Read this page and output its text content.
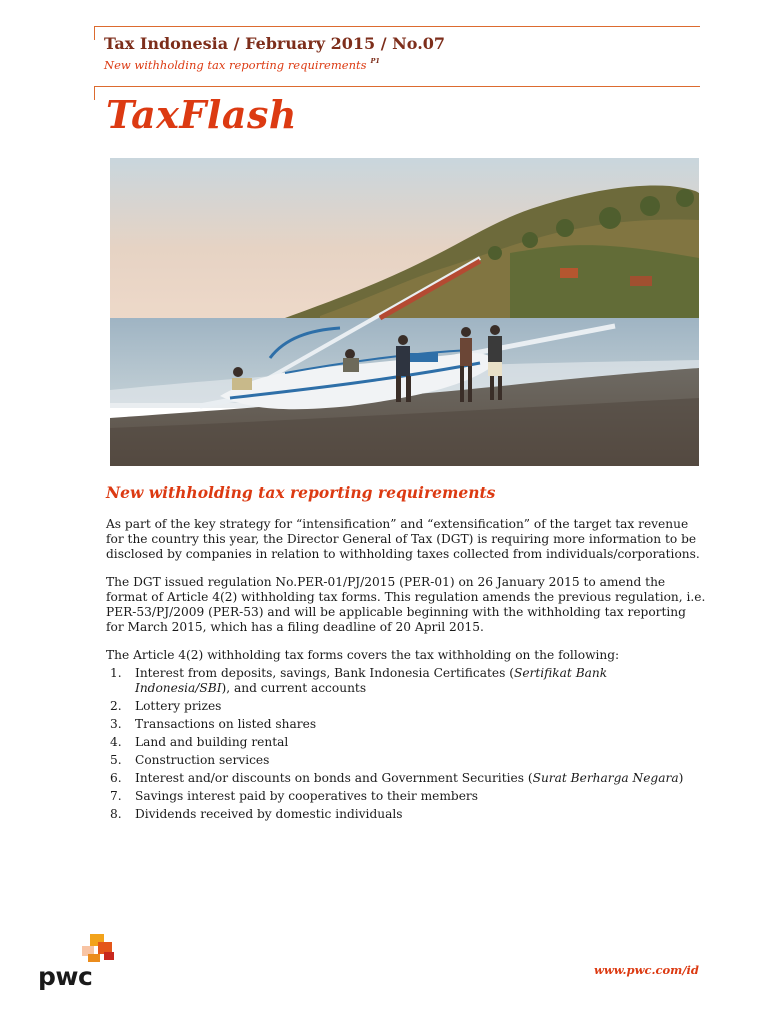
Tax Indonesia / February 2015 / No.07
New withholding tax reporting requirements $^{P1}$
TaxFlash
New withholding tax reporting requirements
As part of the key strategy for “intensification” and “extensification” of the target tax revenue for the country this year, the Director General of Tax (DGT) is requiring more information to be disclosed by companies in relation to withholding taxes collected from individuals/corporations.
The DGT issued regulation No.PER-01/PJ/2015 (PER-01) on 26 January 2015 to amend the format of Article 4(2) withholding tax forms. This regulation amends the previous regulation, i.e. PER-53/PJ/2009 (PER-53) and will be applicable beginning with the withholding tax reporting for March 2015, which has a filing deadline of 20 April 2015.
The Article 4(2) withholding tax forms covers the tax withholding on the following:
1. Interest from deposits, savings, Bank Indonesia Certificates (Sertifikat Bank Indonesia/SBI), and current accounts
2. Lottery prizes
3. Transactions on listed shares
4. Land and building rental
5. Construction services
6. Interest and/or discounts on bonds and Government Securities (Surat Berharga Negara)
7. Savings interest paid by cooperatives to their members
8. Dividends received by domestic individuals
pwc	www.pwc.com/id
